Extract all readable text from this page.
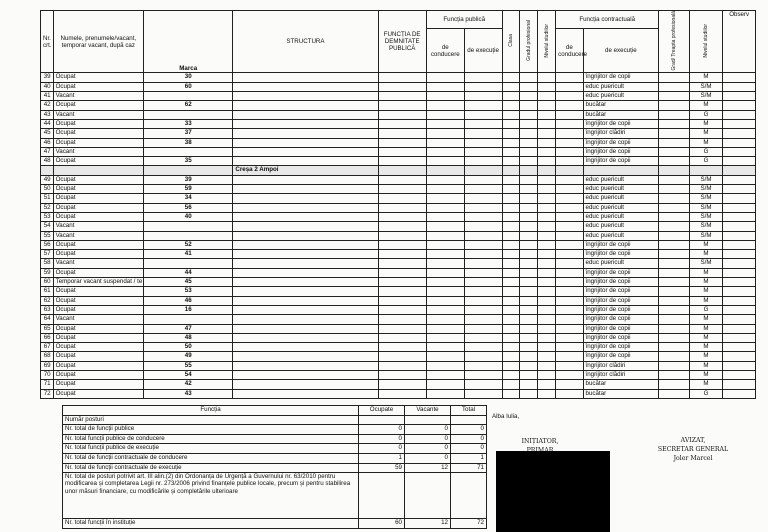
Nr. crt.	Numele, prenumele/vacant, temporar vacant, după caz	Marca	STRUCTURA	FUNCȚIA DE DEMNITATE PUBLICĂ	Funcția publică		Clasa	Gradul profesional	Nivelul studiilor	Funcția contractuală		Grad/ Treapta profesională	Nivelul studiilor	Observ
					de conducere	de execuție				de conducere	de execuție			
39	Ocupat	30									îngrijitor de copii		M	
40	Ocupat	60									educ puericult		S/M	
41	Vacant										educ puericult		S/M	
42	Ocupat	62									bucătar		M	
43	Vacant										bucătar		G	
44	Ocupat	33									îngrijitor de copii		M	
45	Ocupat	37									îngrijitor clădiri		M	
46	Ocupat	38									îngrijitor de copii		M	
47	Vacant										îngrijitor de copii		G	
48	Ocupat	35									îngrijitor de copii		G	
			Creșa 2 Ampoi											
49	Ocupat	39									educ puericult		S/M	
50	Ocupat	59									educ puericult		S/M	
51	Ocupat	34									educ puericult		S/M	
52	Ocupat	56									educ puericult		S/M	
53	Ocupat	40									educ puericult		S/M	
54	Vacant										educ puericult		S/M	
55	Vacant										educ puericult		S/M	
56	Ocupat	52									îngrijitor de copii		M	
57	Ocupat	41									îngrijitor de copii		M	
58	Vacant										educ puericult		S/M	
59	Ocupat	44									îngrijitor de copii		M	
60	Temporar vacant suspendat / te	45									îngrijitor de copii		M	
61	Ocupat	53									îngrijitor de copii		M	
62	Ocupat	46									îngrijitor de copii		M	
63	Ocupat	16									îngrijitor de copii		G	
64	Vacant										îngrijitor de copii		M	
65	Ocupat	47									îngrijitor de copii		M	
66	Ocupat	48									îngrijitor de copii		M	
67	Ocupat	50									îngrijitor de copii		M	
68	Ocupat	49									îngrijitor de copii		M	
69	Ocupat	55									îngrijitor clădiri		M	
70	Ocupat	54									îngrijitor clădiri		M	
71	Ocupat	42									bucătar		M	
72	Ocupat	43									bucătar		G	
Funcția	Ocupate	Vacante	Total
Număr posturi			
Nr. total de funcții publice	0	0	0
Nr. total funcții publice de conducere	0	0	0
Nr. total funcții publice de execuție	0	0	0
Nr. total de funcții contractuale de conducere	1	0	1
Nr. total de funcții contractuale de execuție	59	12	71
Nr. total de posturi potrivit art. III alin.(2) din Ordonanța de Urgență a Guvernului nr. 63/2010 pentru modificarea și completarea Legii nr. 273/2006 privind finanțele publice locale, precum și pentru stabilirea unor măsuri financiare, cu modificările și completările ulterioare			
Nr. total funcții în instituție	60	12	72
Alba Iulia,
INIȚIATOR,	AVIZAT,
SECRETAR GENERAL
Joler Marcel
